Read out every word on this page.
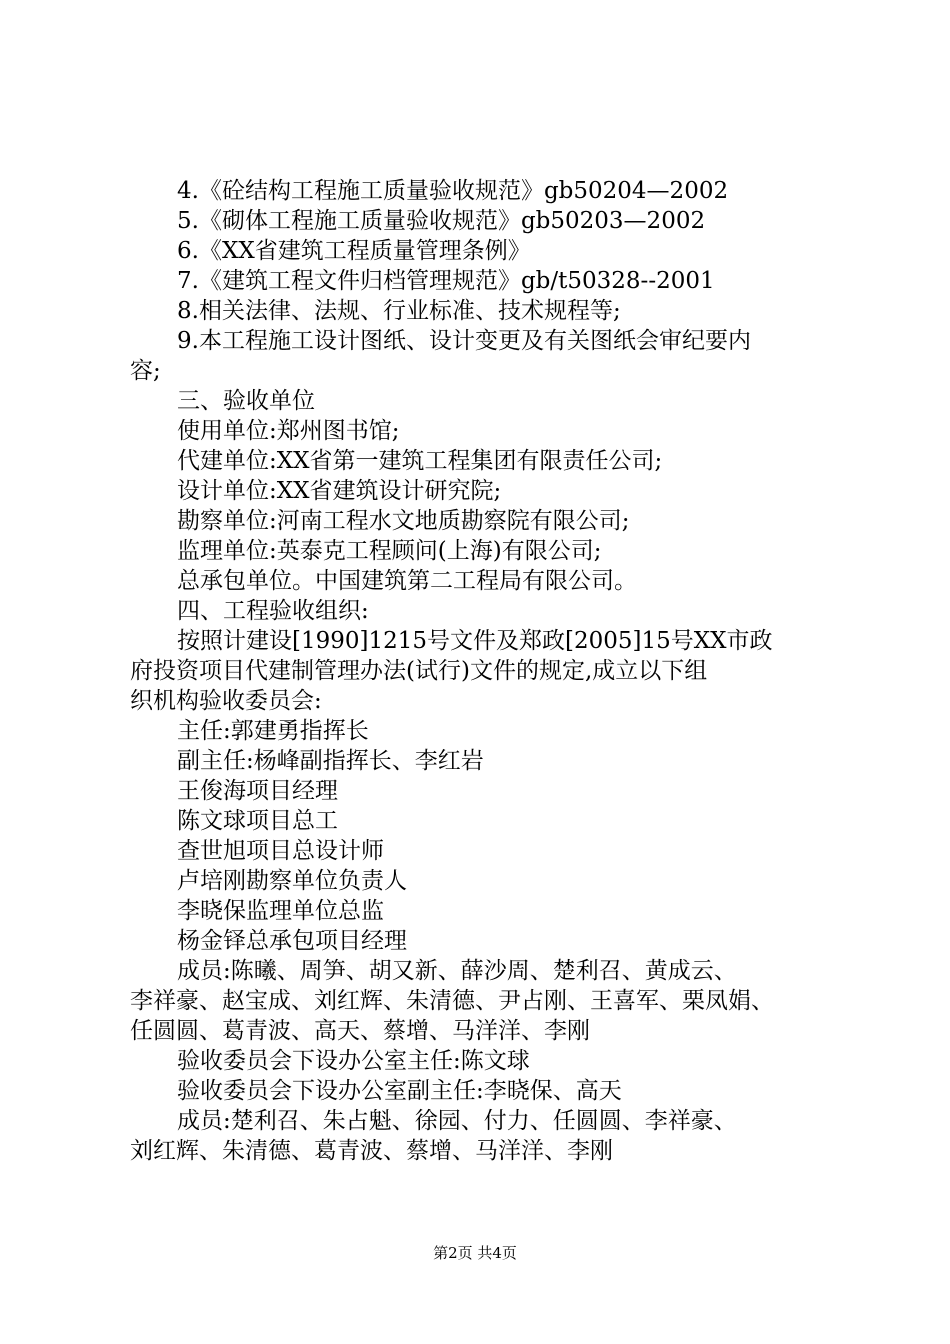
4.《砼结构工程施工质量验收规范》gb50204—2002
5.《砌体工程施工质量验收规范》gb50203—2002
6.《XX省建筑工程质量管理条例》
7.《建筑工程文件归档管理规范》gb/t50328--2001
8.相关法律、法规、行业标准、技术规程等;
9.本工程施工设计图纸、设计变更及有关图纸会审纪要内
容;
三、验收单位
使用单位:郑州图书馆;
代建单位:XX省第一建筑工程集团有限责任公司;
设计单位:XX省建筑设计研究院;
勘察单位:河南工程水文地质勘察院有限公司;
监理单位:英泰克工程顾问(上海)有限公司;
总承包单位。中国建筑第二工程局有限公司。
四、工程验收组织:
按照计建设[1990]1215号文件及郑政[2005]15号XX市政
府投资项目代建制管理办法(试行)文件的规定,成立以下组
织机构验收委员会:
主任:郭建勇指挥长
副主任:杨峰副指挥长、李红岩
王俊海项目经理
陈文球项目总工
查世旭项目总设计师
卢培刚勘察单位负责人
李晓保监理单位总监
杨金铎总承包项目经理
成员:陈曦、周笋、胡又新、薛沙周、楚利召、黄成云、
李祥豪、赵宝成、刘红辉、朱清德、尹占刚、王喜军、栗凤娟、
任圆圆、葛青波、高天、蔡增、马洋洋、李刚
验收委员会下设办公室主任:陈文球
验收委员会下设办公室副主任:李晓保、高天
成员:楚利召、朱占魁、徐园、付力、任圆圆、李祥豪、
刘红辉、朱清德、葛青波、蔡增、马洋洋、李刚
第2页 共4页
